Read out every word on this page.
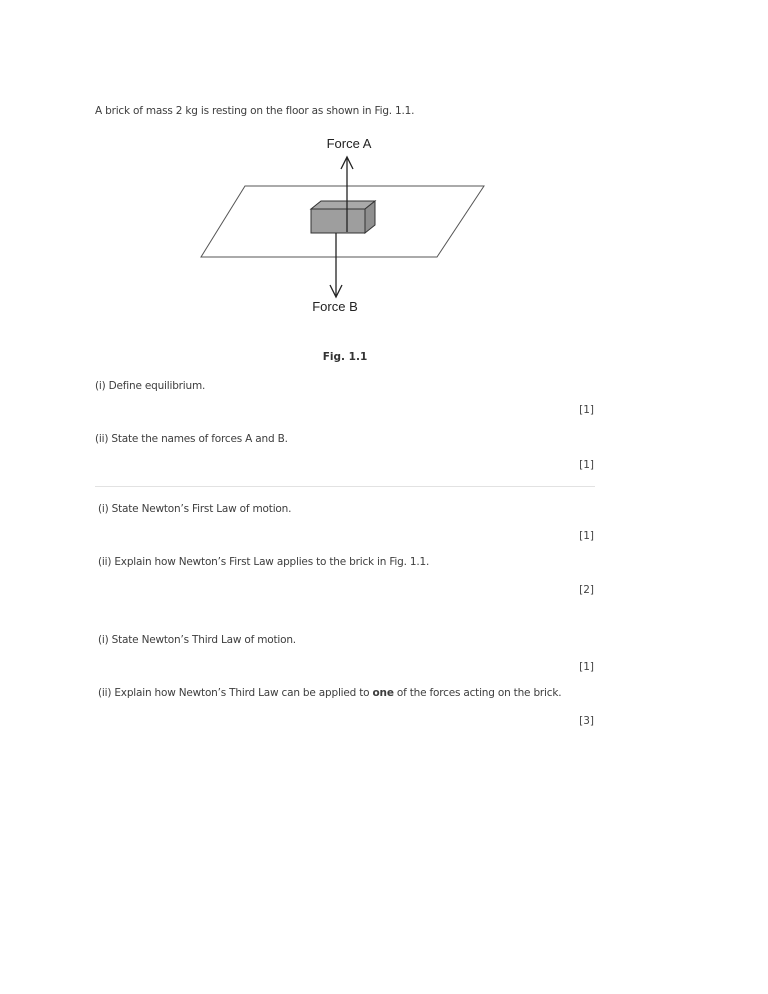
A brick of mass 2 kg is resting on the floor as shown in Fig. 1.1.
Force A
Force B
Fig. 1.1
(i) Define equilibrium.
[1]
(ii) State the names of forces A and B.
[1]
(i) State Newton’s First Law of motion.
[1]
(ii) Explain how Newton’s First Law applies to the brick in Fig. 1.1.
[2]
(i) State Newton’s Third Law of motion.
[1]
(ii) Explain how Newton’s Third Law can be applied to one of the forces acting on the brick.
[3]
